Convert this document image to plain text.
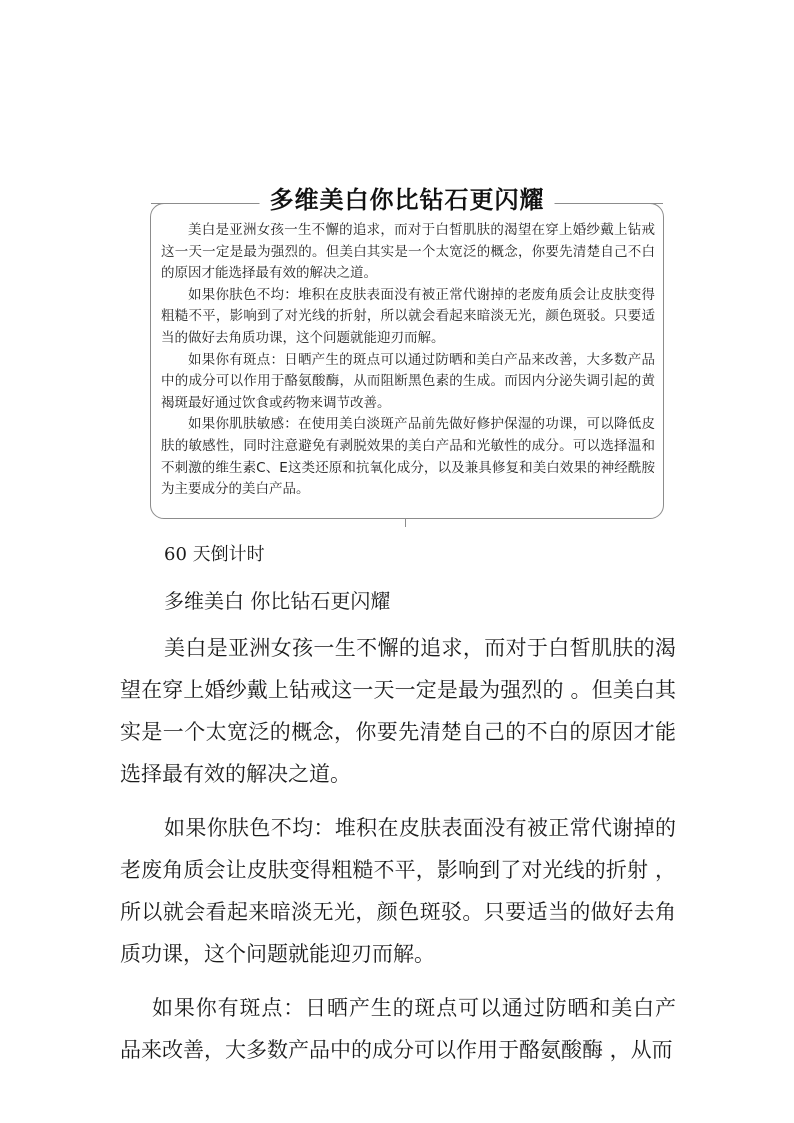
多维美白你比钻石更闪耀

美白是亚洲女孩一生不懈的追求，而对于白皙肌肤的渴望在穿上婚纱戴上钻戒这一天一定是最为强烈的。但美白其实是一个太宽泛的概念，你要先清楚自己不白的原因才能选择最有效的解决之道。

如果你肤色不均：堆积在皮肤表面没有被正常代谢掉的老废角质会让皮肤变得粗糙不平，影响到了对光线的折射，所以就会看起来暗淡无光，颜色斑驳。只要适当的做好去角质功课，这个问题就能迎刃而解。

如果你有斑点：日晒产生的斑点可以通过防晒和美白产品来改善，大多数产品中的成分可以作用于酪氨酸酶，从而阻断黑色素的生成。而因内分泌失调引起的黄褐斑最好通过饮食或药物来调节改善。

如果你肌肤敏感：在使用美白淡斑产品前先做好修护保湿的功课，可以降低皮肤的敏感性，同时注意避免有剥脱效果的美白产品和光敏性的成分。可以选择温和不刺激的维生素C、E这类还原和抗氧化成分，以及兼具修复和美白效果的神经酰胺为主要成分的美白产品。

60 天倒计时
多维美白 你比钻石更闪耀

美白是亚洲女孩一生不懈的追求，而对于白皙肌肤的渴望在穿上婚纱戴上钻戒这一天一定是最为强烈的 。但美白其实是一个太宽泛的概念，你要先清楚自己的不白的原因才能选择最有效的解决之道。

如果你肤色不均：堆积在皮肤表面没有被正常代谢掉的老废角质会让皮肤变得粗糙不平，影响到了对光线的折射 ，所以就会看起来暗淡无光，颜色斑驳。只要适当的做好去角质功课，这个问题就能迎刃而解。

如果你有斑点：日晒产生的斑点可以通过防晒和美白产品来改善，大多数产品中的成分可以作用于酪氨酸酶 ，从而
